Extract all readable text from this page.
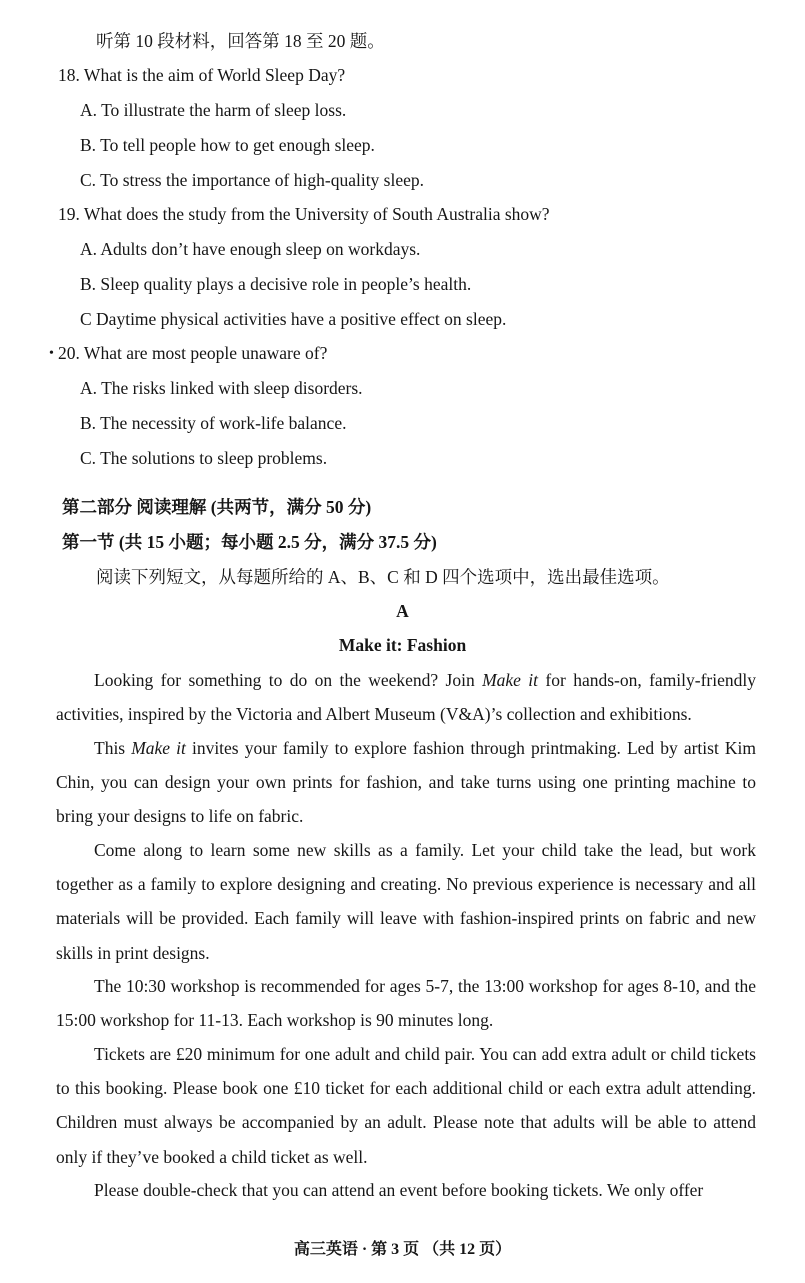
听第 10 段材料，回答第 18 至 20 题。
18. What is the aim of World Sleep Day?
A. To illustrate the harm of sleep loss.
B. To tell people how to get enough sleep.
C. To stress the importance of high-quality sleep.
19. What does the study from the University of South Australia show?
A. Adults don’t have enough sleep on workdays.
B. Sleep quality plays a decisive role in people’s health.
C Daytime physical activities have a positive effect on sleep.
• 20. What are most people unaware of?
A. The risks linked with sleep disorders.
B. The necessity of work-life balance.
C. The solutions to sleep problems.
第二部分 阅读理解 (共两节，满分 50 分)
第一节 (共 15 小题；每小题 2.5 分，满分 37.5 分)
阅读下列短文，从每题所给的 A、B、C 和 D 四个选项中，选出最佳选项。
A
Make it: Fashion
Looking for something to do on the weekend? Join Make it for hands-on, family-friendly activities, inspired by the Victoria and Albert Museum (V&A)’s collection and exhibitions.
This Make it invites your family to explore fashion through printmaking. Led by artist Kim Chin, you can design your own prints for fashion, and take turns using one printing machine to bring your designs to life on fabric.
Come along to learn some new skills as a family. Let your child take the lead, but work together as a family to explore designing and creating. No previous experience is necessary and all materials will be provided. Each family will leave with fashion-inspired prints on fabric and new skills in print designs.
The 10:30 workshop is recommended for ages 5-7, the 13:00 workshop for ages 8-10, and the 15:00 workshop for 11-13. Each workshop is 90 minutes long.
Tickets are £20 minimum for one adult and child pair. You can add extra adult or child tickets to this booking. Please book one £10 ticket for each additional child or each extra adult attending. Children must always be accompanied by an adult. Please note that adults will be able to attend only if they’ve booked a child ticket as well.
Please double-check that you can attend an event before booking tickets. We only offer
高三英语 · 第 3 页 （共 12 页）
